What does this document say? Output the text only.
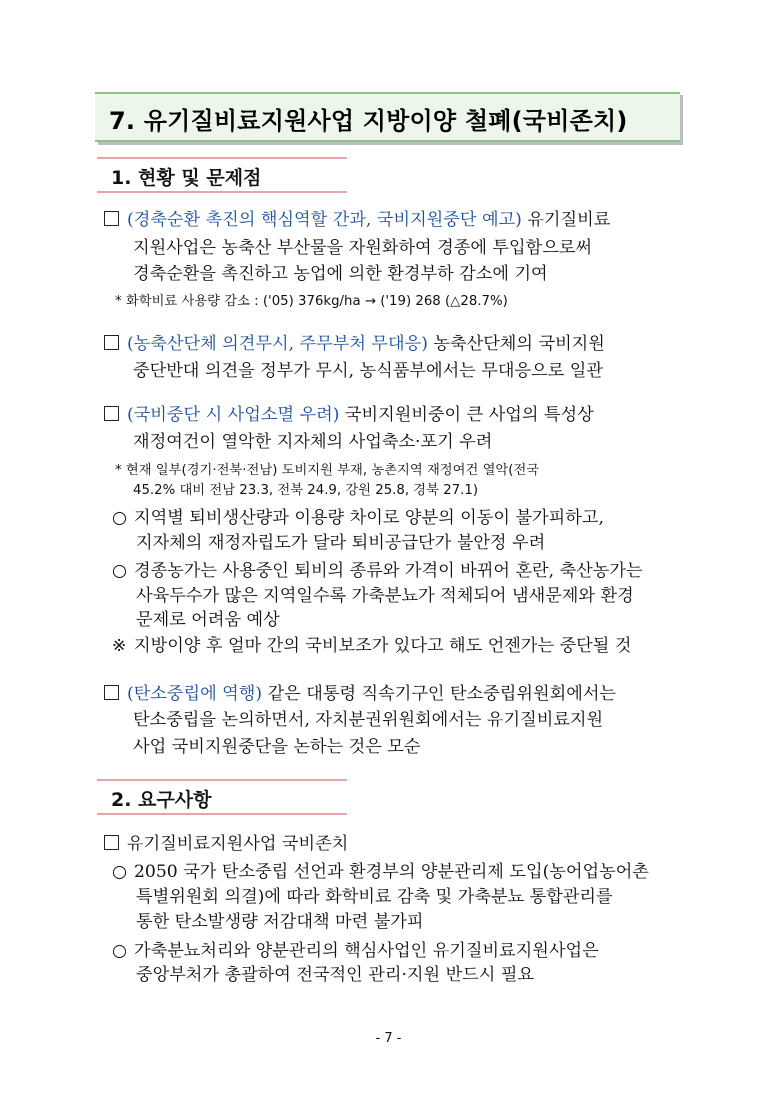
7. 유기질비료지원사업 지방이양 철폐(국비존치)
1. 현황 및 문제점
(경축순환 촉진의 핵심역할 간과, 국비지원중단 예고) 유기질비료
지원사업은 농축산 부산물을 자원화하여 경종에 투입함으로써
경축순환을 촉진하고 농업에 의한 환경부하 감소에 기여
* 화학비료 사용량 감소 : ('05) 376kg/ha → ('19) 268 (△28.7%)
(농축산단체 의견무시, 주무부처 무대응) 농축산단체의 국비지원
중단반대 의견을 정부가 무시, 농식품부에서는 무대응으로 일관
(국비중단 시 사업소멸 우려) 국비지원비중이 큰 사업의 특성상
재정여건이 열악한 지자체의 사업축소·포기 우려
* 현재 일부(경기·전북·전남) 도비지원 부재, 농촌지역 재정여건 열악(전국
45.2% 대비 전남 23.3, 전북 24.9, 강원 25.8, 경북 27.1)
○ 지역별 퇴비생산량과 이용량 차이로 양분의 이동이 불가피하고,
지자체의 재정자립도가 달라 퇴비공급단가 불안정 우려
○ 경종농가는 사용중인 퇴비의 종류와 가격이 바뀌어 혼란, 축산농가는
사육두수가 많은 지역일수록 가축분뇨가 적체되어 냄새문제와 환경
문제로 어려움 예상
※ 지방이양 후 얼마 간의 국비보조가 있다고 해도 언젠가는 중단될 것
(탄소중립에 역행) 같은 대통령 직속기구인 탄소중립위원회에서는
탄소중립을 논의하면서, 자치분권위원회에서는 유기질비료지원
사업 국비지원중단을 논하는 것은 모순
2. 요구사항
유기질비료지원사업 국비존치
○ 2050 국가 탄소중립 선언과 환경부의 양분관리제 도입(농어업농어촌
특별위원회 의결)에 따라 화학비료 감축 및 가축분뇨 통합관리를
통한 탄소발생량 저감대책 마련 불가피
○ 가축분뇨처리와 양분관리의 핵심사업인 유기질비료지원사업은
중앙부처가 총괄하여 전국적인 관리·지원 반드시 필요
- 7 -
